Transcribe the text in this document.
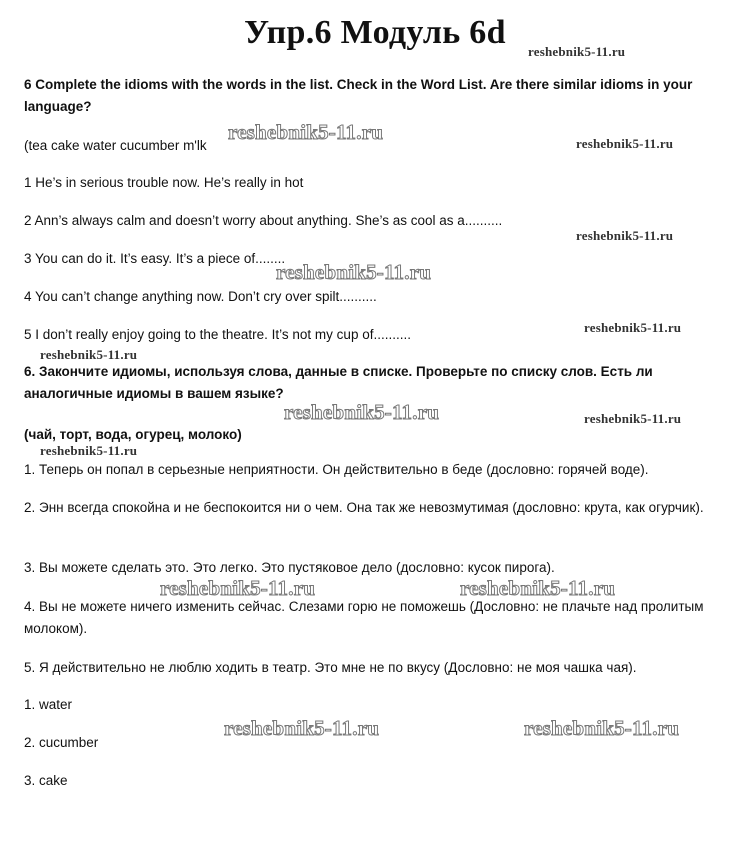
Упр.6 Модуль 6d
6 Complete the idioms with the words in the list. Check in the Word List. Are there similar idioms in your language?
(tea cake water cucumber m'lk
1 He’s in serious trouble now. He’s really in hot
2 Ann’s always calm and doesn’t worry about anything. She’s as cool as a..........
3 You can do it. It’s easy. It’s a piece of........
4 You can’t change anything now. Don’t cry over spilt..........
5 I don’t really enjoy going to the theatre. It’s not my cup of..........
6. Закончите идиомы, используя слова, данные в списке. Проверьте по списку слов. Есть ли аналогичные идиомы в вашем языке?
(чай, торт, вода, огурец, молоко)
1. Теперь он попал в серьезные неприятности. Он действительно в беде (дословно: горячей воде).
2. Энн всегда спокойна и не беспокоится ни о чем. Она так же невозмутимая (дословно: крута, как огурчик).
3. Вы можете сделать это. Это легко. Это пустяковое дело (дословно: кусок пирога).
4. Вы не можете ничего изменить сейчас. Слезами горю не поможешь (Дословно: не плачьте над пролитым молоком).
5. Я действительно не люблю ходить в театр. Это мне не по вкусу (Дословно: не моя чашка чая).
1. water
2. cucumber
3. cake
reshebnik5-11.ru
reshebnik5-11.ru	reshebnik5-11.ru
reshebnik5-11.ru
reshebnik5-11.ru
reshebnik5-11.ru
reshebnik5-11.ru
reshebnik5-11.ru	reshebnik5-11.ru
reshebnik5-11.ru
reshebnik5-11.ru	reshebnik5-11.ru
reshebnik5-11.ru	reshebnik5-11.ru
